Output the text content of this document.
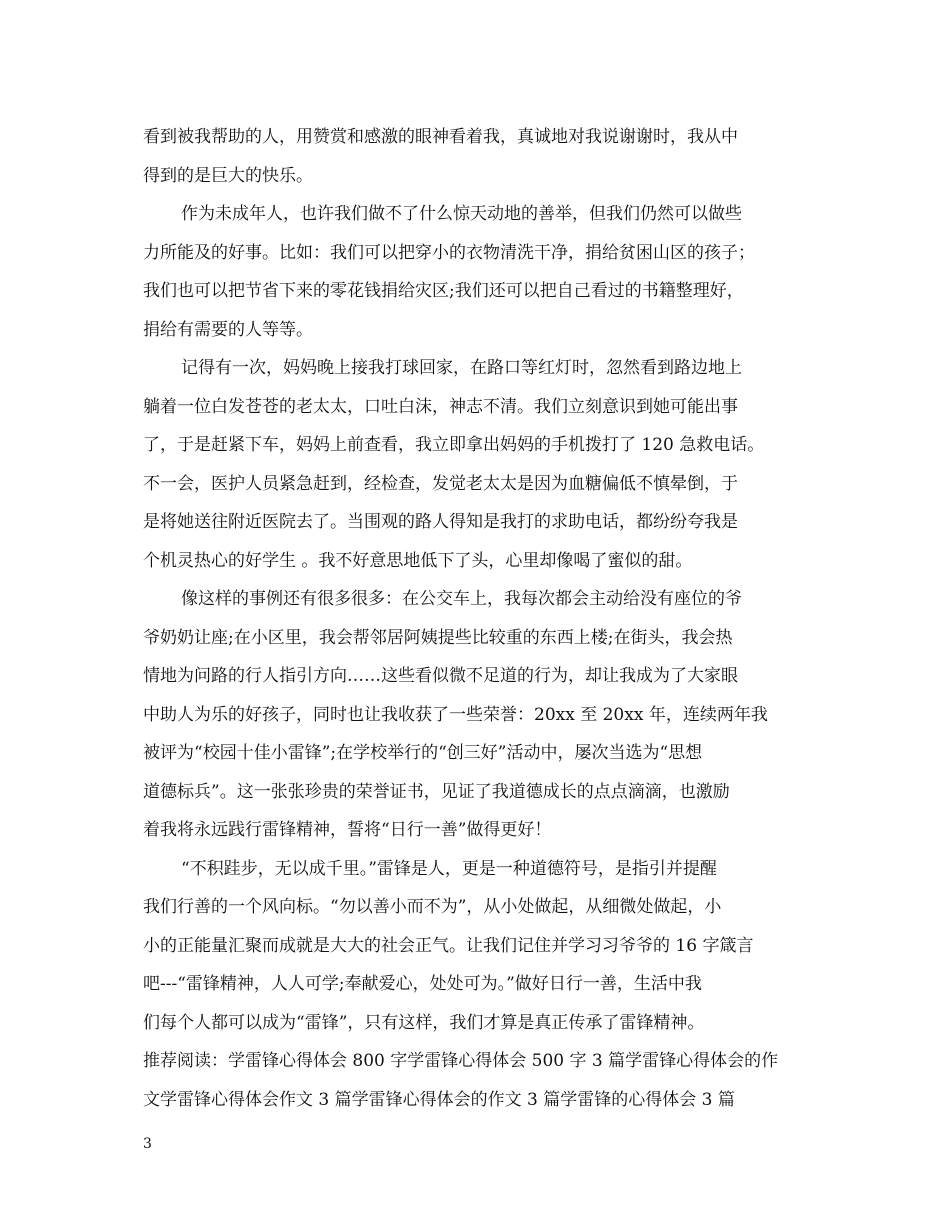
看到被我帮助的人，用赞赏和感激的眼神看着我，真诚地对我说谢谢时，我从中
得到的是巨大的快乐。
作为未成年人，也许我们做不了什么惊天动地的善举，但我们仍然可以做些
力所能及的好事。比如：我们可以把穿小的衣物清洗干净，捐给贫困山区的孩子；
我们也可以把节省下来的零花钱捐给灾区;我们还可以把自己看过的书籍整理好，
捐给有需要的人等等。
记得有一次，妈妈晚上接我打球回家，在路口等红灯时，忽然看到路边地上
躺着一位白发苍苍的老太太，口吐白沫，神志不清。我们立刻意识到她可能出事
了，于是赶紧下车，妈妈上前查看，我立即拿出妈妈的手机拨打了 120 急救电话。
不一会，医护人员紧急赶到，经检查，发觉老太太是因为血糖偏低不慎晕倒，于
是将她送往附近医院去了。当围观的路人得知是我打的求助电话，都纷纷夸我是
个机灵热心的好学生 。我不好意思地低下了头，心里却像喝了蜜似的甜。
像这样的事例还有很多很多：在公交车上，我每次都会主动给没有座位的爷
爷奶奶让座;在小区里，我会帮邻居阿姨提些比较重的东西上楼;在街头，我会热
情地为问路的行人指引方向……这些看似微不足道的行为，却让我成为了大家眼
中助人为乐的好孩子，同时也让我收获了一些荣誉：20xx 至 20xx 年，连续两年我
被评为“校园十佳小雷锋”;在学校举行的“创三好”活动中，屡次当选为“思想
道德标兵”。这一张张珍贵的荣誉证书，见证了我道德成长的点点滴滴，也激励
着我将永远践行雷锋精神，誓将“日行一善”做得更好！
“不积跬步，无以成千里。”雷锋是人，更是一种道德符号，是指引并提醒
我们行善的一个风向标。“勿以善小而不为”，从小处做起，从细微处做起，小
小的正能量汇聚而成就是大大的社会正气。让我们记住并学习习爷爷的 16 字箴言
吧---“雷锋精神，人人可学;奉献爱心，处处可为。”做好日行一善，生活中我
们每个人都可以成为“雷锋”，只有这样，我们才算是真正传承了雷锋精神。
推荐阅读：学雷锋心得体会 800 字学雷锋心得体会 500 字 3 篇学雷锋心得体会的作
文学雷锋心得体会作文 3 篇学雷锋心得体会的作文 3 篇学雷锋的心得体会 3 篇
3
